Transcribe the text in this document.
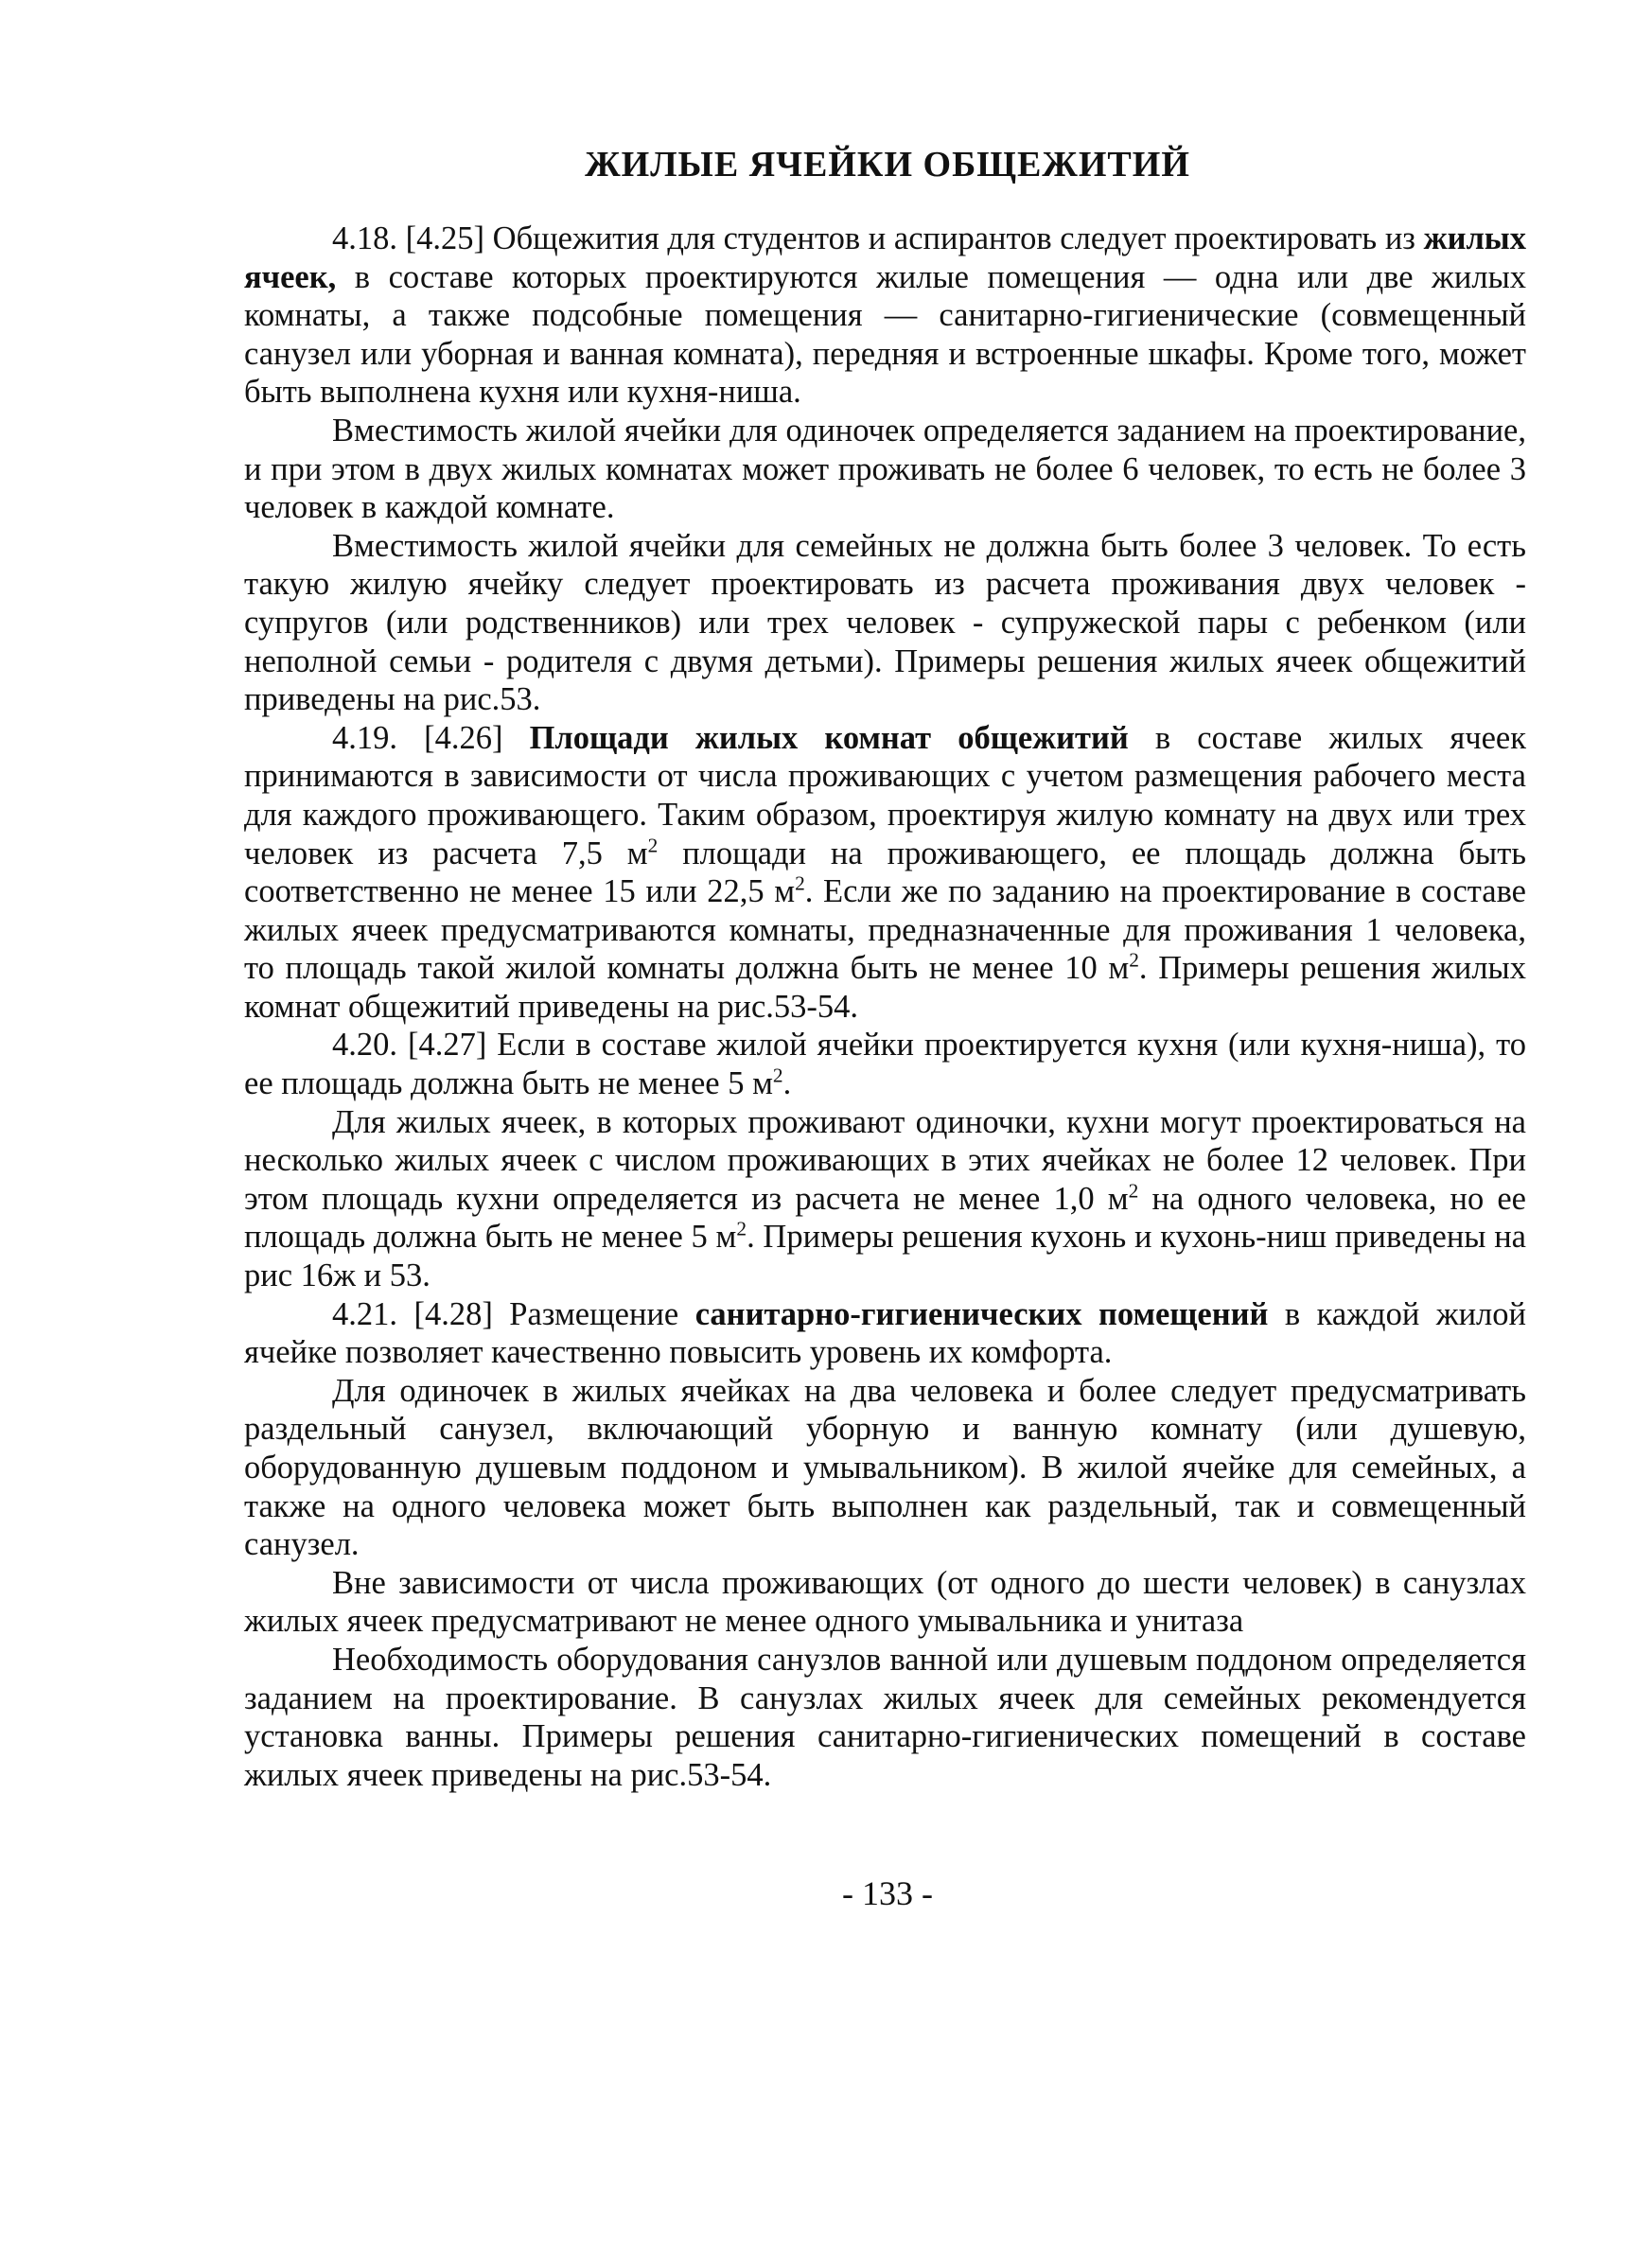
ЖИЛЫЕ ЯЧЕЙКИ ОБЩЕЖИТИЙ

4.18. [4.25] Общежития для студентов и аспирантов следует проектировать из жилых ячеек, в составе которых проектируются жилые помещения — одна или две жилых комнаты, а также подсобные помещения — санитарно-гигиенические (совмещенный санузел или уборная и ванная комната), передняя и встроенные шкафы. Кроме того, может быть выполнена кухня или кухня-ниша.

Вместимость жилой ячейки для одиночек определяется заданием на проектирование, и при этом в двух жилых комнатах может проживать не более 6 человек, то есть не более 3 человек в каждой комнате.

Вместимость жилой ячейки для семейных не должна быть более 3 человек. То есть такую жилую ячейку следует проектировать из расчета проживания двух человек - супругов (или родственников) или трех человек - супружеской пары с ребенком (или неполной семьи - родителя с двумя детьми). Примеры решения жилых ячеек общежитий приведены на рис.53.

4.19. [4.26] Площади жилых комнат общежитий в составе жилых ячеек принимаются в зависимости от числа проживающих с учетом размещения рабочего места для каждого проживающего. Таким образом, проектируя жилую комнату на двух или трех человек из расчета 7,5 $м^2$ площади на проживающего, ее площадь должна быть соответственно не менее 15 или 22,5 $м^2$. Если же по заданию на проектирование в составе жилых ячеек предусматриваются комнаты, предназначенные для проживания 1 человека, то площадь такой жилой комнаты должна быть не менее 10 $м^2$. Примеры решения жилых комнат общежитий приведены на рис.53-54.

4.20. [4.27] Если в составе жилой ячейки проектируется кухня (или кухня-ниша), то ее площадь должна быть не менее 5 $м^2$.

Для жилых ячеек, в которых проживают одиночки, кухни могут проектироваться на несколько жилых ячеек с числом проживающих в этих ячейках не более 12 человек. При этом площадь кухни определяется из расчета не менее 1,0 $м^2$ на одного человека, но ее площадь должна быть не менее 5 $м^2$. Примеры решения кухонь и кухонь-ниш приведены на рис 16ж и 53.

4.21. [4.28] Размещение санитарно-гигиенических помещений в каждой жилой ячейке позволяет качественно повысить уровень их комфорта.

Для одиночек в жилых ячейках на два человека и более следует предусматривать раздельный санузел, включающий уборную и ванную комнату (или душевую, оборудованную душевым поддоном и умывальником). В жилой ячейке для семейных, а также на одного человека может быть выполнен как раздельный, так и совмещенный санузел.

Вне зависимости от числа проживающих (от одного до шести человек) в санузлах жилых ячеек предусматривают не менее одного умывальника и унитаза

Необходимость оборудования санузлов ванной или душевым поддоном определяется заданием на проектирование. В санузлах жилых ячеек для семейных рекомендуется установка ванны. Примеры решения санитарно-гигиенических помещений в составе жилых ячеек приведены на рис.53-54.

- 133 -
